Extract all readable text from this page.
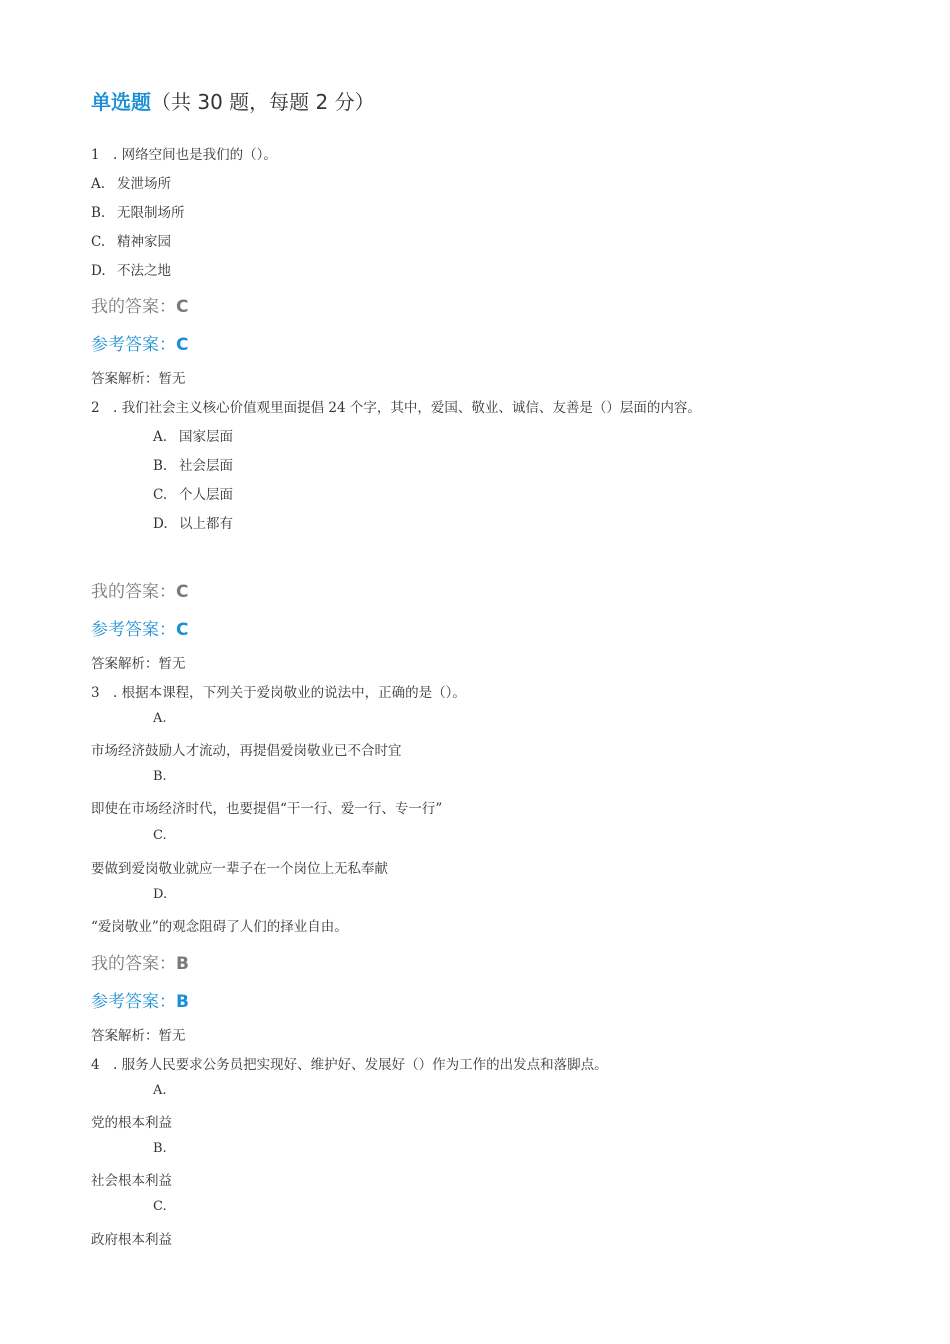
单选题（共 30 题，每题 2 分）
1 . 网络空间也是我们的（）。
A. 发泄场所
B. 无限制场所
C. 精神家园
D. 不法之地
我的答案：C
参考答案：C
答案解析：暂无
2 . 我们社会主义核心价值观里面提倡 24 个字，其中，爱国、敬业、诚信、友善是（）层面的内容。
A. 国家层面
B. 社会层面
C. 个人层面
D. 以上都有
我的答案：C
参考答案：C
答案解析：暂无
3 . 根据本课程，下列关于爱岗敬业的说法中，正确的是（）。
A.
市场经济鼓励人才流动，再提倡爱岗敬业已不合时宜
B.
即使在市场经济时代，也要提倡“干一行、爱一行、专一行”
C.
要做到爱岗敬业就应一辈子在一个岗位上无私奉献
D.
“爱岗敬业”的观念阻碍了人们的择业自由。
我的答案：B
参考答案：B
答案解析：暂无
4 . 服务人民要求公务员把实现好、维护好、发展好（）作为工作的出发点和落脚点。
A.
党的根本利益
B.
社会根本利益
C.
政府根本利益
